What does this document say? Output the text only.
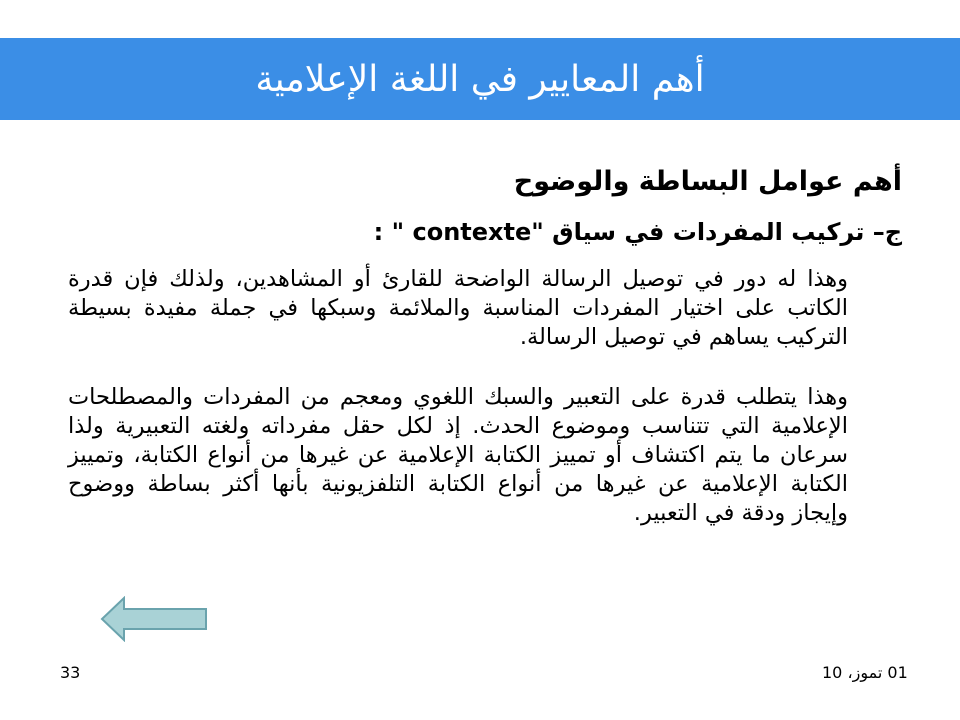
أهم المعايير في اللغة الإعلامية
أهم عوامل البساطة والوضوح
ج– تركيب المفردات في سياق "contexte " :
وهذا له دور في توصيل الرسالة الواضحة للقارئ أو المشاهدين، ولذلك فإن قدرة الكاتب على اختيار المفردات المناسبة والملائمة وسبكها في جملة مفيدة بسيطة التركيب يساهم في توصيل الرسالة.
وهذا يتطلب قدرة على التعبير والسبك اللغوي ومعجم من المفردات والمصطلحات الإعلامية التي تتناسب وموضوع الحدث. إذ لكل حقل مفرداته ولغته التعبيرية ولذا سرعان ما يتم اكتشاف أو تمييز الكتابة الإعلامية عن غيرها من أنواع الكتابة، وتمييز الكتابة الإعلامية عن غيرها من أنواع الكتابة التلفزيونية بأنها أكثر بساطة ووضوح وإيجاز ودقة في التعبير.
01 تموز، 10
33
